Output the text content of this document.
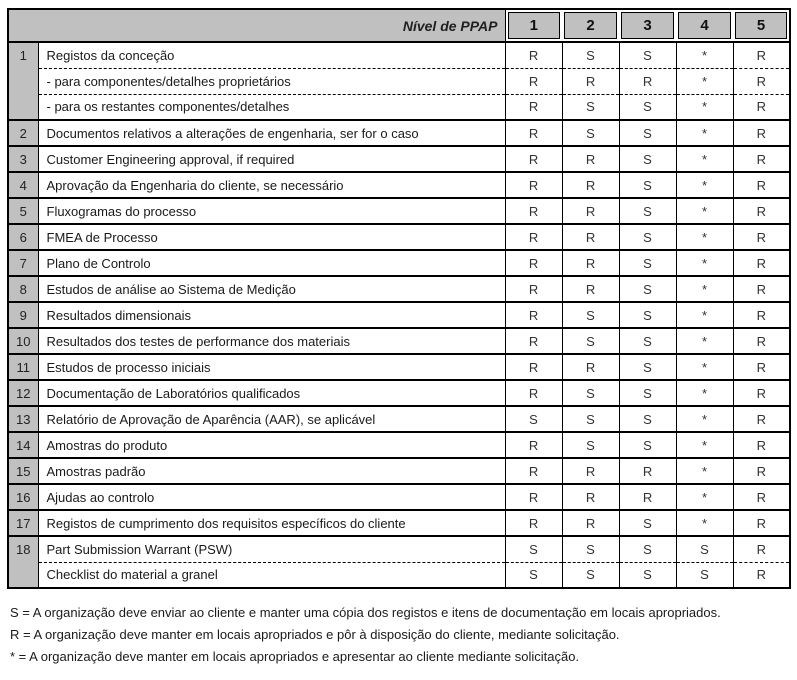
Nível de PPAP		1	2	3	4	5

1	Registos da conceção	R	S	S	*	R
	- para componentes/detalhes proprietários	R	R	R	*	R
	- para os restantes componentes/detalhes	R	S	S	*	R
2	Documentos relativos a alterações de engenharia, ser for o caso	R	S	S	*	R
3	Customer Engineering approval, if required	R	R	S	*	R
4	Aprovação da Engenharia do cliente, se necessário	R	R	S	*	R
5	Fluxogramas do processo	R	R	S	*	R
6	FMEA de Processo	R	R	S	*	R
7	Plano de Controlo	R	R	S	*	R
8	Estudos de análise ao Sistema de Medição	R	R	S	*	R
9	Resultados dimensionais	R	S	S	*	R
10	Resultados dos testes de performance dos materiais	R	S	S	*	R
11	Estudos de processo iniciais	R	R	S	*	R
12	Documentação de Laboratórios qualificados	R	S	S	*	R
13	Relatório de Aprovação de Aparência (AAR), se aplicável	S	S	S	*	R
14	Amostras do produto	R	S	S	*	R
15	Amostras padrão	R	R	R	*	R
16	Ajudas ao controlo	R	R	R	*	R
17	Registos de cumprimento dos requisitos específicos do cliente	R	R	S	*	R
18	Part Submission Warrant (PSW)	S	S	S	S	R
	Checklist do material a granel	S	S	S	S	R

S = A organização deve enviar ao cliente e manter uma cópia dos registos e itens de documentação em locais apropriados.

R = A organização deve manter em locais apropriados e pôr à disposição do cliente, mediante solicitação.

* = A organização deve manter em locais apropriados e apresentar ao cliente mediante solicitação.
